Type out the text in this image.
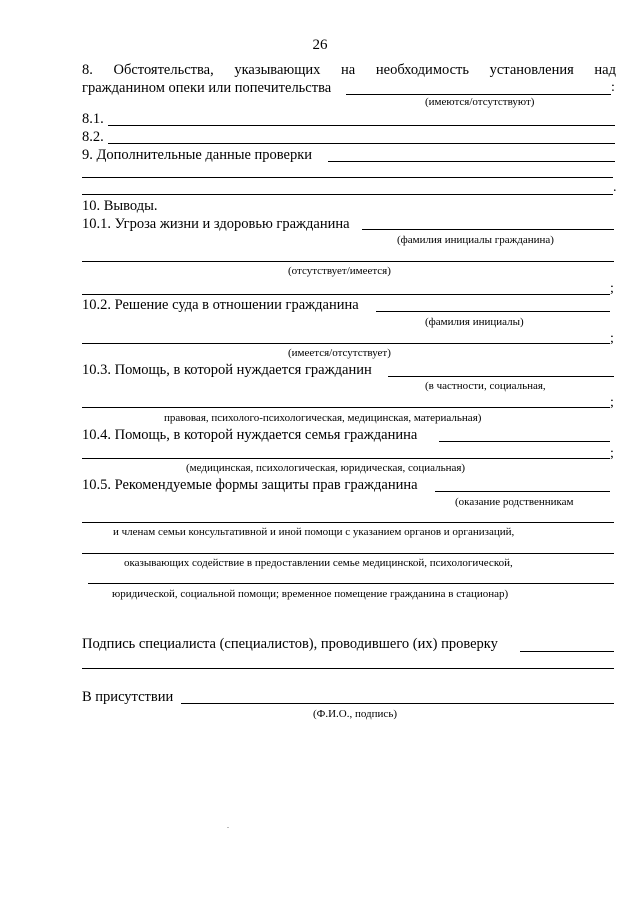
26
8. Обстоятельства, указывающих на необходимость установления над
гражданином опеки или попечительства	:
(имеются/отсутствуют)
8.1.
8.2.
9. Дополнительные данные проверки
.
10. Выводы.
10.1. Угроза жизни и здоровью гражданина
(фамилия инициалы гражданина)
(отсутствует/имеется)
;
10.2. Решение суда в отношении гражданина
(фамилия инициалы)
;
(имеется/отсутствует)
10.3. Помощь, в которой нуждается гражданин
(в частности, социальная,
;
правовая, психолого-психологическая, медицинская, материальная)
10.4. Помощь, в которой нуждается семья гражданина
;
(медицинская, психологическая, юридическая, социальная)
10.5. Рекомендуемые формы защиты прав гражданина
(оказание родственникам
и членам семьи консультативной и иной помощи с указанием органов и организаций,
оказывающих содействие в предоставлении семье медицинской, психологической,
юридической, социальной помощи; временное помещение гражданина в стационар)
Подпись специалиста (специалистов), проводившего (их) проверку
В присутствии
(Ф.И.О., подпись)
